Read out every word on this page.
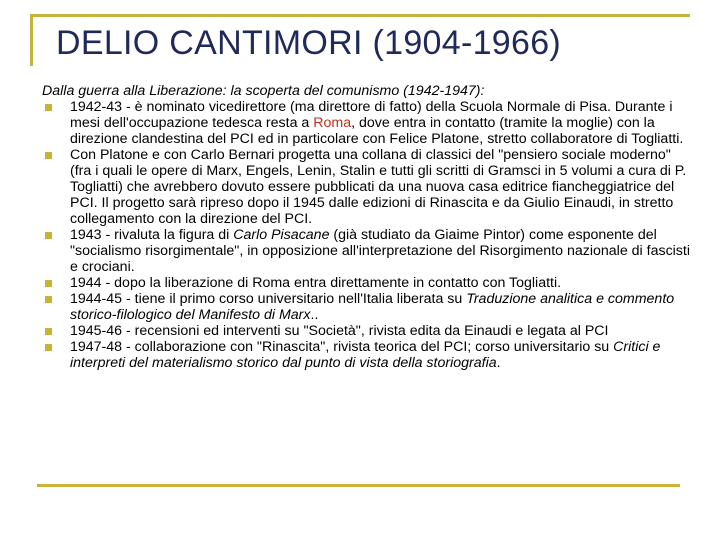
DELIO CANTIMORI (1904-1966)

Dalla guerra alla Liberazione: la scoperta del comunismo (1942-1947):

1942-43 - è nominato vicedirettore (ma direttore di fatto) della Scuola Normale di Pisa. Durante i mesi dell'occupazione tedesca resta a Roma, dove entra in contatto (tramite la moglie) con la direzione clandestina del PCI ed in particolare con Felice Platone, stretto collaboratore di Togliatti.
Con Platone e con Carlo Bernari progetta una collana di classici del "pensiero sociale moderno" (fra i quali le opere di Marx, Engels, Lenin, Stalin e tutti gli scritti di Gramsci in 5 volumi a cura di P. Togliatti) che avrebbero dovuto essere pubblicati da una nuova casa editrice fiancheggiatrice del PCI. Il progetto sarà ripreso dopo il 1945 dalle edizioni di Rinascita e da Giulio Einaudi, in stretto collegamento con la direzione del PCI.
1943 - rivaluta la figura di Carlo Pisacane (già studiato da Giaime Pintor) come esponente del "socialismo risorgimentale", in opposizione all'interpretazione del Risorgimento nazionale di fascisti e crociani.
1944 - dopo la liberazione di Roma entra direttamente in contatto con Togliatti.
1944-45 - tiene il primo corso universitario nell'Italia liberata su Traduzione analitica e commento storico-filologico del Manifesto di Marx..
1945-46 - recensioni ed interventi su "Società", rivista edita da Einaudi e legata al PCI
1947-48 - collaborazione con "Rinascita", rivista teorica del PCI; corso universitario su Critici e interpreti del materialismo storico dal punto di vista della storiografia.
